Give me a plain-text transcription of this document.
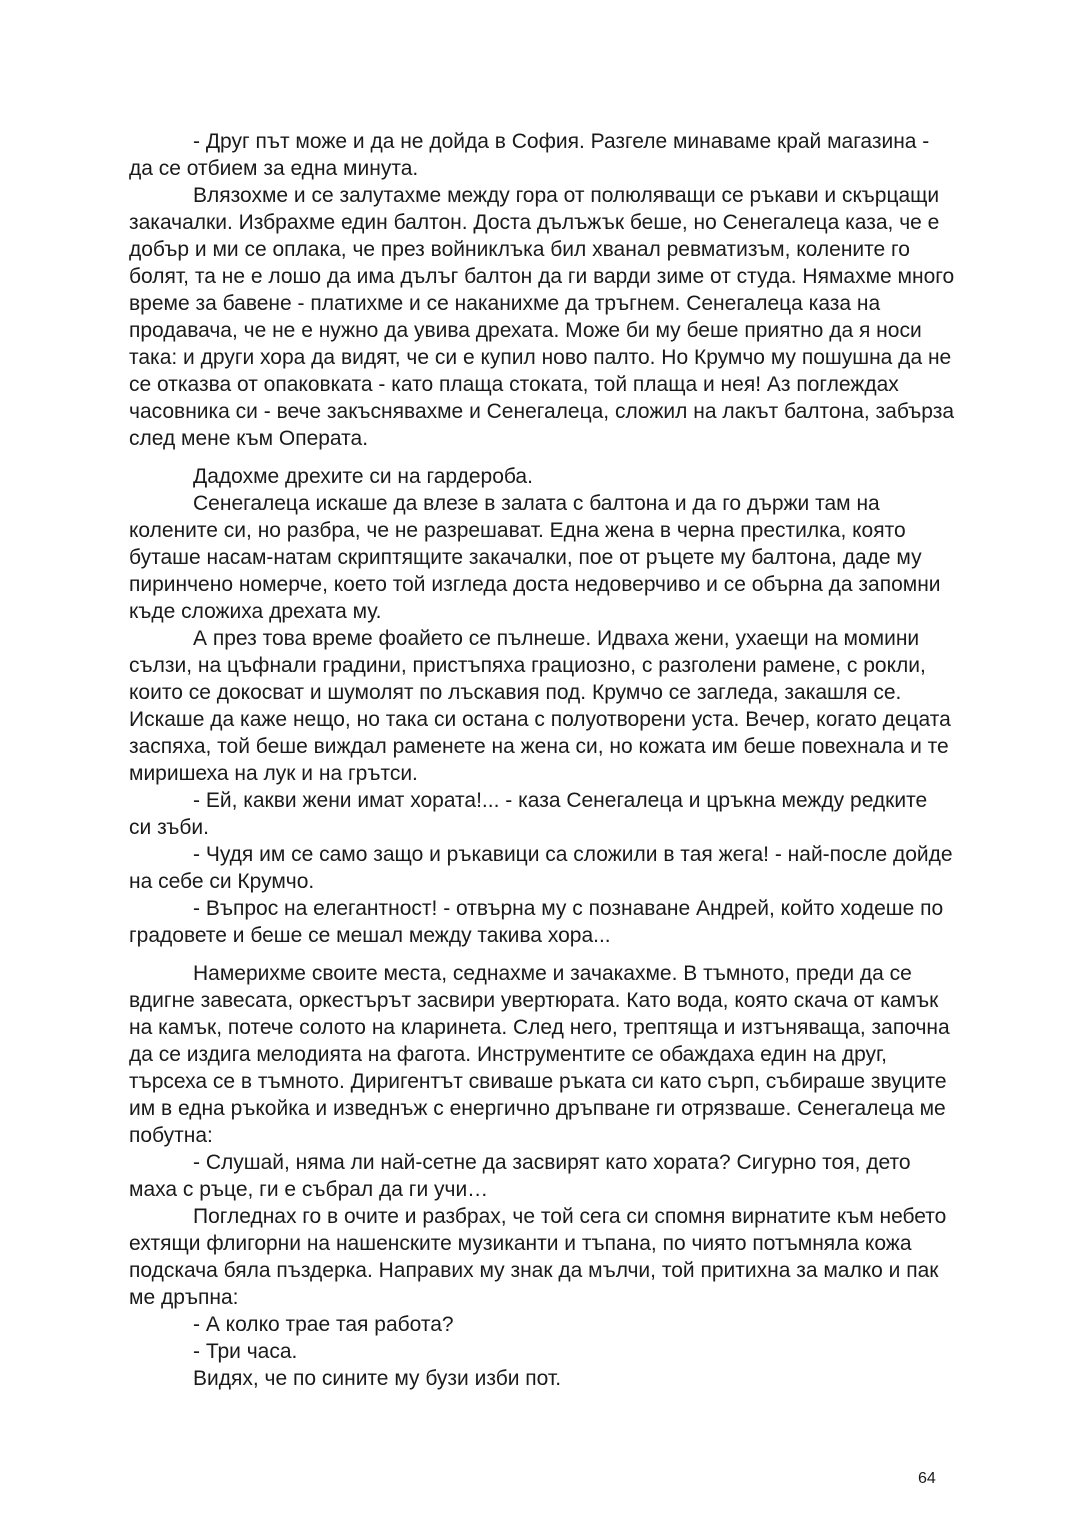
- Друг път може и да не дойда в София. Разгеле минаваме край магазина - да се отбием за една минута.

Влязохме и се залутахме между гора от полюляващи се ръкави и скърцащи закачалки. Избрахме един балтон. Доста дълъжък беше, но Сенегалеца каза, че е добър и ми се оплака, че през войниклъка бил хванал ревматизъм, колените го болят, та не е лошо да има дълъг балтон да ги варди зиме от студа. Нямахме много време за бавене - платихме и се наканихме да тръгнем. Сенегалеца каза на продавача, че не е нужно да увива дрехата. Може би му беше приятно да я носи така: и други хора да видят, че си е купил ново палто. Но Крумчо му пошушна да не се отказва от опаковката - като плаща стоката, той плаща и нея! Аз поглеждах часовника си - вече закъснявахме и Сенегалеца, сложил на лакът балтона, забърза след мене към Операта.

Дадохме дрехите си на гардероба.

Сенегалеца искаше да влезе в залата с балтона и да го държи там на колените си, но разбра, че не разрешават. Една жена в черна престилка, която буташе насам-натам скриптящите закачалки, пое от ръцете му балтона, даде му пиринчено номерче, което той изгледа доста недоверчиво и се обърна да запомни къде сложиха дрехата му.

А през това време фоайето се пълнеше. Идваха жени, ухаещи на момини сълзи, на цъфнали градини, пристъпяха грациозно, с разголени рамене, с рокли, които се докосват и шумолят по лъскавия под. Крумчо се загледа, закашля се. Искаше да каже нещо, но така си остана с полуотворени уста. Вечер, когато децата заспяха, той беше виждал раменете на жена си, но кожата им беше повехнала и те миришеха на лук и на грътси.

- Ей, какви жени имат хората!... - каза Сенегалеца и цръкна между редките си зъби.

- Чудя им се само защо и ръкавици са сложили в тая жега! - най-после дойде на себе си Крумчо.

- Въпрос на елегантност! - отвърна му с познаване Андрей, който ходеше по градовете и беше се мешал между такива хора...

Намерихме своите места, седнахме и зачакахме. В тъмното, преди да се вдигне завесата, оркестърът засвири увертюрата. Като вода, която скача от камък на камък, потече солото на кларинета. След него, трептяща и изтъняваща, започна да се издига мелодията на фагота. Инструментите се обаждаха един на друг, търсеха се в тъмното. Диригентът свиваше ръката си като сърп, събираше звуците им в една ръкойка и изведнъж с енергично дръпване ги отрязваше. Сенегалеца ме побутна:

- Слушай, няма ли най-сетне да засвирят като хората? Сигурно тоя, дето маха с ръце, ги е събрал да ги учи…

Погледнах го в очите и разбрах, че той сега си спомня вирнатите към небето ехтящи флигорни на нашенските музиканти и тъпана, по чиято потъмняла кожа подскача бяла пъздерка. Направих му знак да мълчи, той притихна за малко и пак ме дръпна:

- А колко трае тая работа?

- Три часа.

Видях, че по сините му бузи изби пот.

64
